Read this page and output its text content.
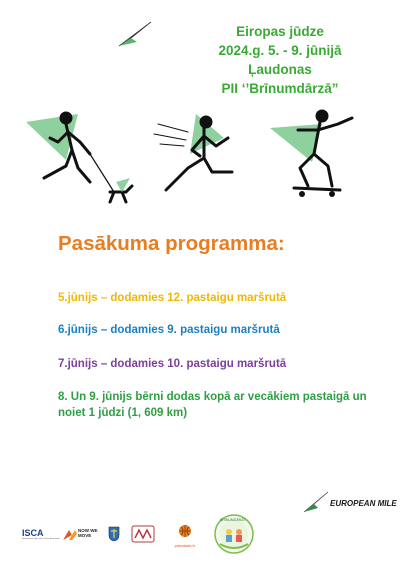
Eiropas jūdze
2024.g. 5. - 9. jūnijā
Ļaudonas
PII ‘’Brīnumdārzā”
Pasākuma programma:
5.jūnijs – dodamies 12. pastaigu maršrutā
6.jūnijs – dodamies 9. pastaigu maršrutā
7.jūnijs – dodamies 10. pastaigu maršrutā
8. Un 9. jūnijs bērni dodas kopā ar vecākiem pastaigā un noiet 1 jūdzi (1, 609 km)
EUROPEAN MILE
ISCA
International Sport and Culture Association
NOW WE MOVE
primdarbi.lv
BRĪNUMDĀRZS
